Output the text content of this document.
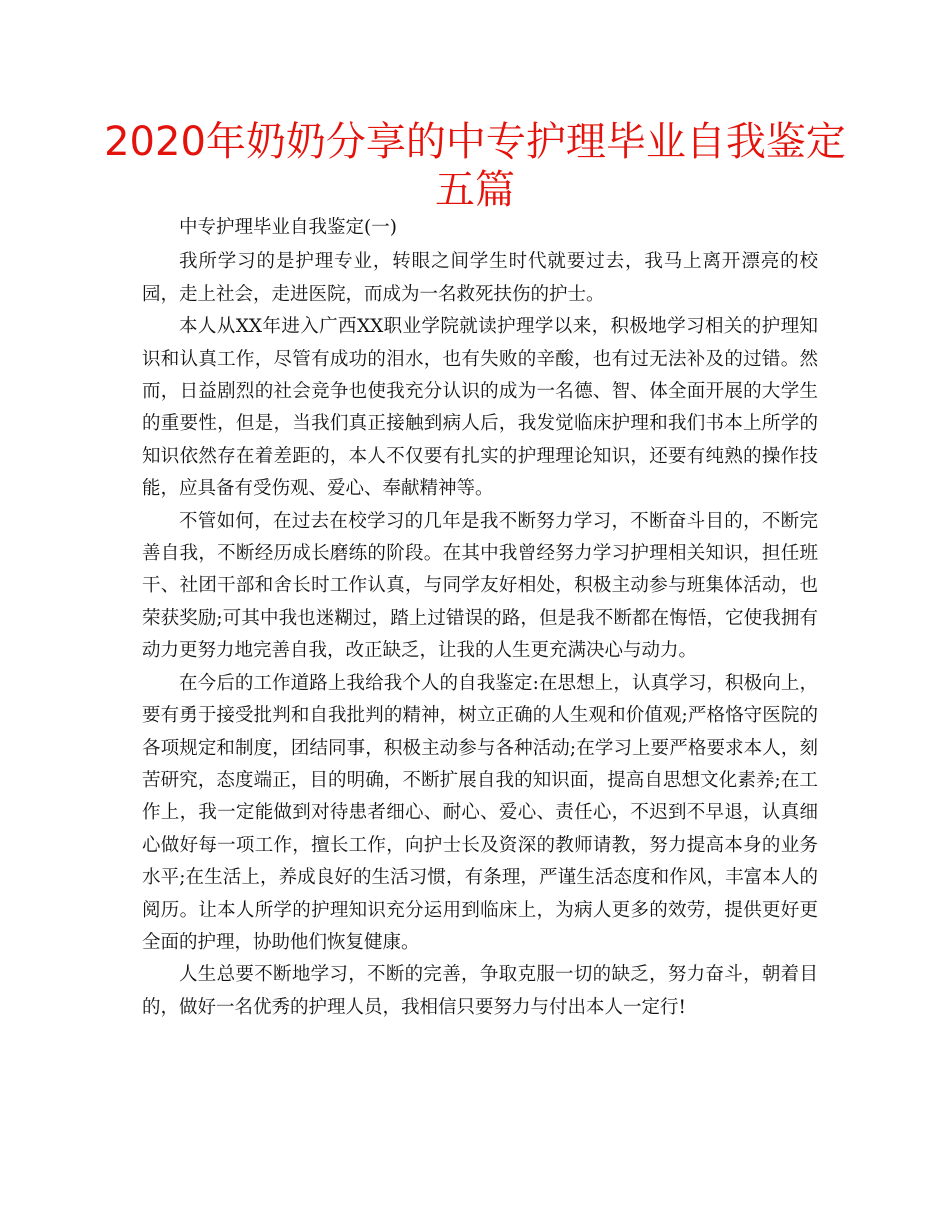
2020年奶奶分享的中专护理毕业自我鉴定五篇

中专护理毕业自我鉴定(一)

我所学习的是护理专业，转眼之间学生时代就要过去，我马上离开漂亮的校园，走上社会，走进医院，而成为一名救死扶伤的护士。

本人从XX年进入广西XX职业学院就读护理学以来，积极地学习相关的护理知识和认真工作，尽管有成功的泪水，也有失败的辛酸，也有过无法补及的过错。然而，日益剧烈的社会竞争也使我充分认识的成为一名德、智、体全面开展的大学生的重要性，但是，当我们真正接触到病人后，我发觉临床护理和我们书本上所学的知识依然存在着差距的，本人不仅要有扎实的护理理论知识，还要有纯熟的操作技能，应具备有受伤观、爱心、奉献精神等。

不管如何，在过去在校学习的几年是我不断努力学习，不断奋斗目的，不断完善自我，不断经历成长磨练的阶段。在其中我曾经努力学习护理相关知识，担任班干、社团干部和舍长时工作认真，与同学友好相处，积极主动参与班集体活动，也荣获奖励;可其中我也迷糊过，踏上过错误的路，但是我不断都在悔悟，它使我拥有动力更努力地完善自我，改正缺乏，让我的人生更充满决心与动力。

在今后的工作道路上我给我个人的自我鉴定:在思想上，认真学习，积极向上，要有勇于接受批判和自我批判的精神，树立正确的人生观和价值观;严格恪守医院的各项规定和制度，团结同事，积极主动参与各种活动;在学习上要严格要求本人，刻苦研究，态度端正，目的明确，不断扩展自我的知识面，提高自思想文化素养;在工作上，我一定能做到对待患者细心、耐心、爱心、责任心，不迟到不早退，认真细心做好每一项工作，擅长工作，向护士长及资深的教师请教，努力提高本身的业务水平;在生活上，养成良好的生活习惯，有条理，严谨生活态度和作风，丰富本人的阅历。让本人所学的护理知识充分运用到临床上，为病人更多的效劳，提供更好更全面的护理，协助他们恢复健康。

人生总要不断地学习，不断的完善，争取克服一切的缺乏，努力奋斗，朝着目的，做好一名优秀的护理人员，我相信只要努力与付出本人一定行!
